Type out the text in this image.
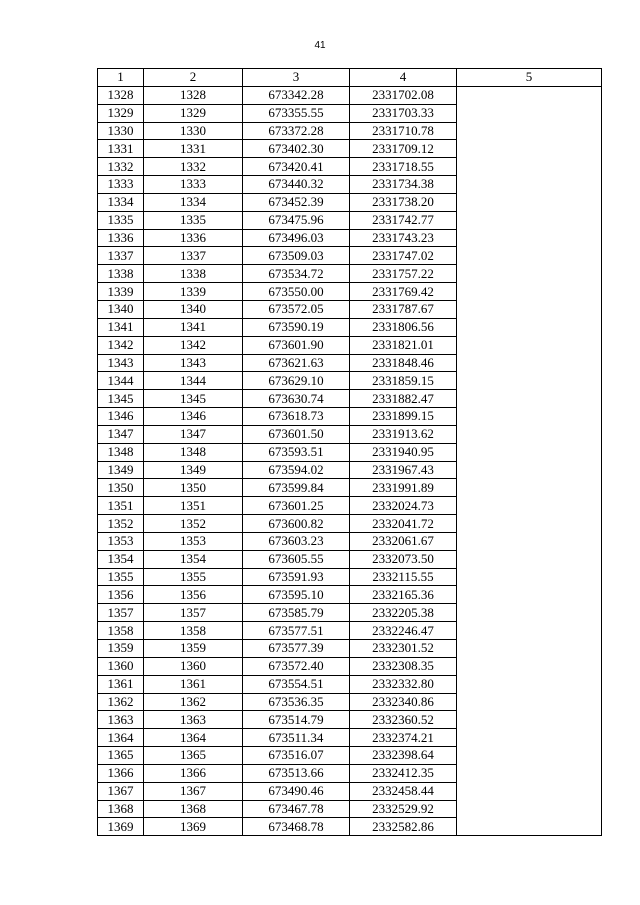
41
1	2	3	4	5
1328	1328	673342.28	2331702.08	
1329	1329	673355.55	2331703.33	
1330	1330	673372.28	2331710.78	
1331	1331	673402.30	2331709.12	
1332	1332	673420.41	2331718.55	
1333	1333	673440.32	2331734.38	
1334	1334	673452.39	2331738.20	
1335	1335	673475.96	2331742.77	
1336	1336	673496.03	2331743.23	
1337	1337	673509.03	2331747.02	
1338	1338	673534.72	2331757.22	
1339	1339	673550.00	2331769.42	
1340	1340	673572.05	2331787.67	
1341	1341	673590.19	2331806.56	
1342	1342	673601.90	2331821.01	
1343	1343	673621.63	2331848.46	
1344	1344	673629.10	2331859.15	
1345	1345	673630.74	2331882.47	
1346	1346	673618.73	2331899.15	
1347	1347	673601.50	2331913.62	
1348	1348	673593.51	2331940.95	
1349	1349	673594.02	2331967.43	
1350	1350	673599.84	2331991.89	
1351	1351	673601.25	2332024.73	
1352	1352	673600.82	2332041.72	
1353	1353	673603.23	2332061.67	
1354	1354	673605.55	2332073.50	
1355	1355	673591.93	2332115.55	
1356	1356	673595.10	2332165.36	
1357	1357	673585.79	2332205.38	
1358	1358	673577.51	2332246.47	
1359	1359	673577.39	2332301.52	
1360	1360	673572.40	2332308.35	
1361	1361	673554.51	2332332.80	
1362	1362	673536.35	2332340.86	
1363	1363	673514.79	2332360.52	
1364	1364	673511.34	2332374.21	
1365	1365	673516.07	2332398.64	
1366	1366	673513.66	2332412.35	
1367	1367	673490.46	2332458.44	
1368	1368	673467.78	2332529.92	
1369	1369	673468.78	2332582.86	
